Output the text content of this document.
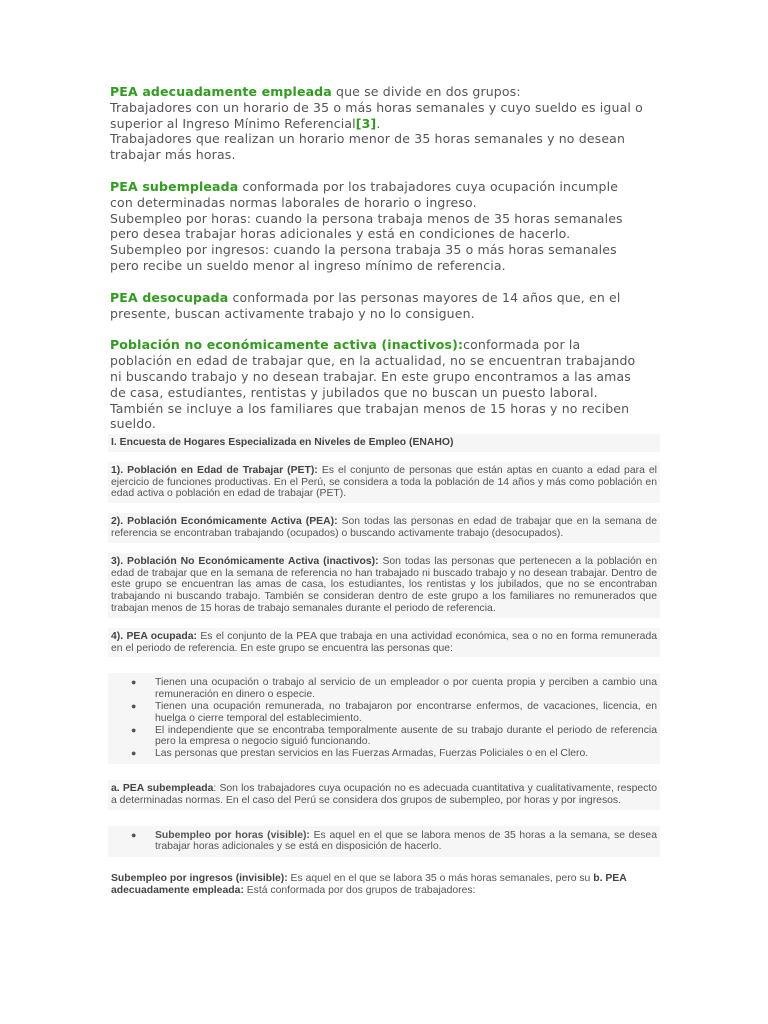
PEA adecuadamente empleada que se divide en dos grupos:
Trabajadores con un horario de 35 o más horas semanales y cuyo sueldo es igual o superior al Ingreso Mínimo Referencial[3].
Trabajadores que realizan un horario menor de 35 horas semanales y no desean trabajar más horas.

PEA subempleada conformada por los trabajadores cuya ocupación incumple con determinadas normas laborales de horario o ingreso.
Subempleo por horas: cuando la persona trabaja menos de 35 horas semanales pero desea trabajar horas adicionales y está en condiciones de hacerlo.
Subempleo por ingresos: cuando la persona trabaja 35 o más horas semanales pero recibe un sueldo menor al ingreso mínimo de referencia.

PEA desocupada conformada por las personas mayores de 14 años que, en el presente, buscan activamente trabajo y no lo consiguen.

Población no económicamente activa (inactivos):conformada por la población en edad de trabajar que, en la actualidad, no se encuentran trabajando ni buscando trabajo y no desean trabajar. En este grupo encontramos a las amas de casa, estudiantes, rentistas y jubilados que no buscan un puesto laboral. También se incluye a los familiares que trabajan menos de 15 horas y no reciben sueldo.

I. Encuesta de Hogares Especializada en Niveles de Empleo (ENAHO)
1). Población en Edad de Trabajar (PET): Es el conjunto de personas que están aptas en cuanto a edad para el ejercicio de funciones productivas. En el Perú, se considera a toda la población de 14 años y más como población en edad activa o población en edad de trabajar (PET).
2). Población Económicamente Activa (PEA): Son todas las personas en edad de trabajar que en la semana de referencia se encontraban trabajando (ocupados) o buscando activamente trabajo (desocupados).
3). Población No Económicamente Activa (inactivos): Son todas las personas que pertenecen a la población en edad de trabajar que en la semana de referencia no han trabajado ni buscado trabajo y no desean trabajar. Dentro de este grupo se encuentran las amas de casa, los estudiantes, los rentistas y los jubilados, que no se encontraban trabajando ni buscando trabajo. También se consideran dentro de este grupo a los familiares no remunerados que trabajan menos de 15 horas de trabajo semanales durante el periodo de referencia.
4). PEA ocupada: Es el conjunto de la PEA que trabaja en una actividad económica, sea o no en forma remunerada en el periodo de referencia. En este grupo se encuentra las personas que:
●	Tienen una ocupación o trabajo al servicio de un empleador o por cuenta propia y perciben a cambio una remuneración en dinero o especie.
●	Tienen una ocupación remunerada, no trabajaron por encontrarse enfermos, de vacaciones, licencia, en huelga o cierre temporal del establecimiento.
●	El independiente que se encontraba temporalmente ausente de su trabajo durante el periodo de referencia pero la empresa o negocio siguió funcionando.
●	Las personas que prestan servicios en las Fuerzas Armadas, Fuerzas Policiales o en el Clero.
a. PEA subempleada: Son los trabajadores cuya ocupación no es adecuada cuantitativa y cualitativamente, respecto a determinadas normas. En el caso del Perú se considera dos grupos de subempleo, por horas y por ingresos.
●	Subempleo por horas (visible): Es aquel en el que se labora menos de 35 horas a la semana, se desea trabajar horas adicionales y se está en disposición de hacerlo.
Subempleo por ingresos (invisible): Es aquel en el que se labora 35 o más horas semanales, pero su b. PEA adecuadamente empleada: Está conformada por dos grupos de trabajadores:
